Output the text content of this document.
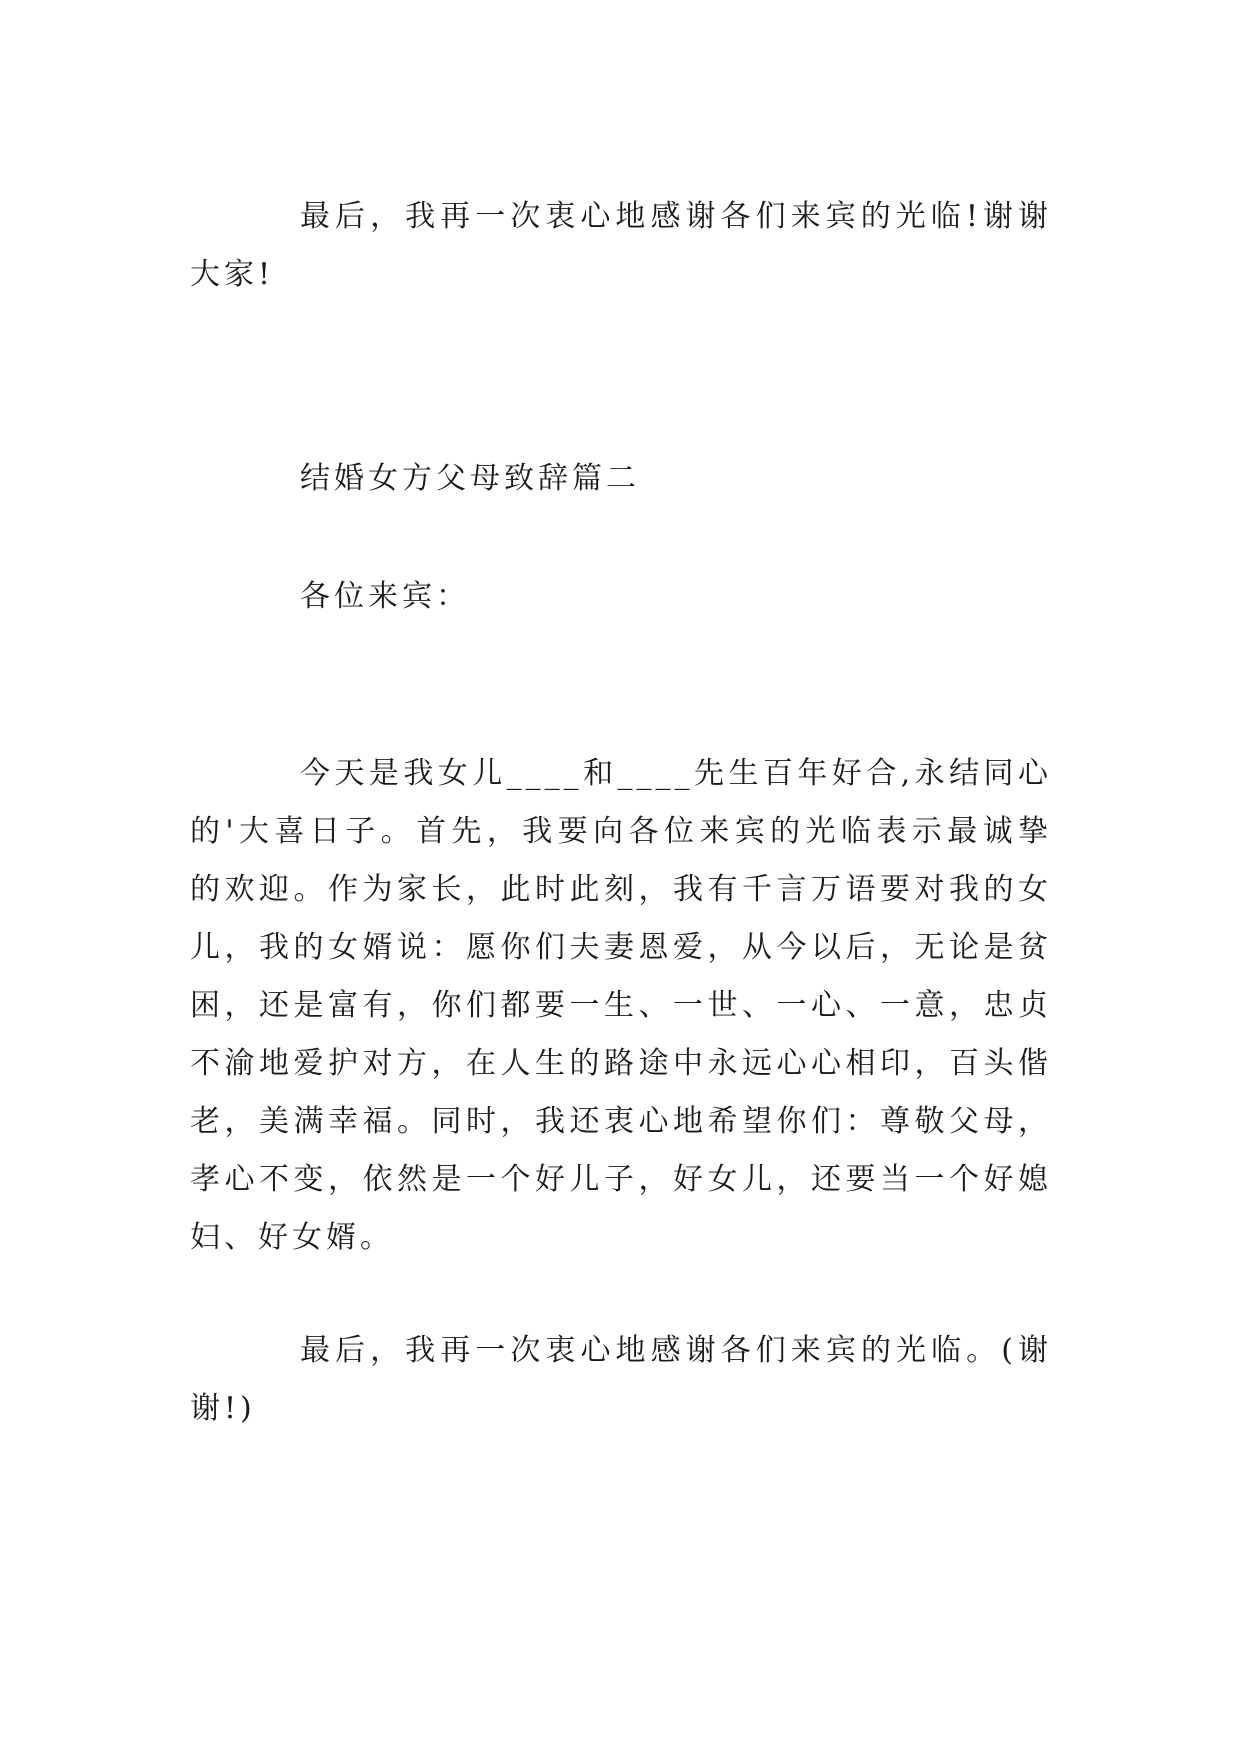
最后，我再一次衷心地感谢各们来宾的光临!谢谢大家!

结婚女方父母致辞篇二

各位来宾：

今天是我女儿____和____先生百年好合,永结同心的'大喜日子。首先，我要向各位来宾的光临表示最诚挚的欢迎。作为家长，此时此刻，我有千言万语要对我的女儿，我的女婿说：愿你们夫妻恩爱，从今以后，无论是贫困，还是富有，你们都要一生、一世、一心、一意，忠贞不渝地爱护对方，在人生的路途中永远心心相印，百头偕老，美满幸福。同时，我还衷心地希望你们：尊敬父母，孝心不变，依然是一个好儿子，好女儿，还要当一个好媳妇、好女婿。

最后，我再一次衷心地感谢各们来宾的光临。(谢谢!)
